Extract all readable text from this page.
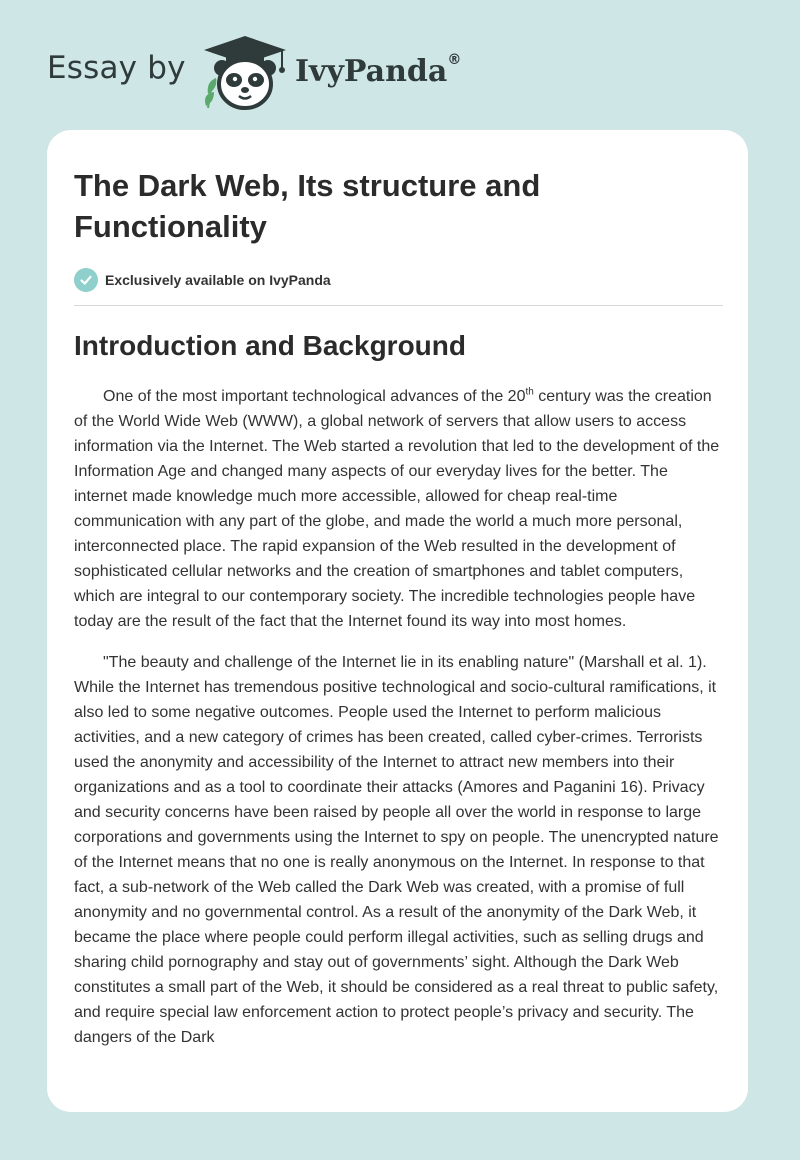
Essay by	IvyPanda®
The Dark Web, Its structure and Functionality
Exclusively available on IvyPanda
Introduction and Background

One of the most important technological advances of the 20th century was the creation of the World Wide Web (WWW), a global network of servers that allow users to access information via the Internet. The Web started a revolution that led to the development of the Information Age and changed many aspects of our everyday lives for the better. The internet made knowledge much more accessible, allowed for cheap real-time communication with any part of the globe, and made the world a much more personal, interconnected place. The rapid expansion of the Web resulted in the development of sophisticated cellular networks and the creation of smartphones and tablet computers, which are integral to our contemporary society. The incredible technologies people have today are the result of the fact that the Internet found its way into most homes.

"The beauty and challenge of the Internet lie in its enabling nature" (Marshall et al. 1). While the Internet has tremendous positive technological and socio-cultural ramifications, it also led to some negative outcomes. People used the Internet to perform malicious activities, and a new category of crimes has been created, called cyber-crimes. Terrorists used the anonymity and accessibility of the Internet to attract new members into their organizations and as a tool to coordinate their attacks (Amores and Paganini 16). Privacy and security concerns have been raised by people all over the world in response to large corporations and governments using the Internet to spy on people. The unencrypted nature of the Internet means that no one is really anonymous on the Internet. In response to that fact, a sub-network of the Web called the Dark Web was created, with a promise of full anonymity and no governmental control. As a result of the anonymity of the Dark Web, it became the place where people could perform illegal activities, such as selling drugs and sharing child pornography and stay out of governments’ sight. Although the Dark Web constitutes a small part of the Web, it should be considered as a real threat to public safety, and require special law enforcement action to protect people’s privacy and security. The dangers of the Dark
